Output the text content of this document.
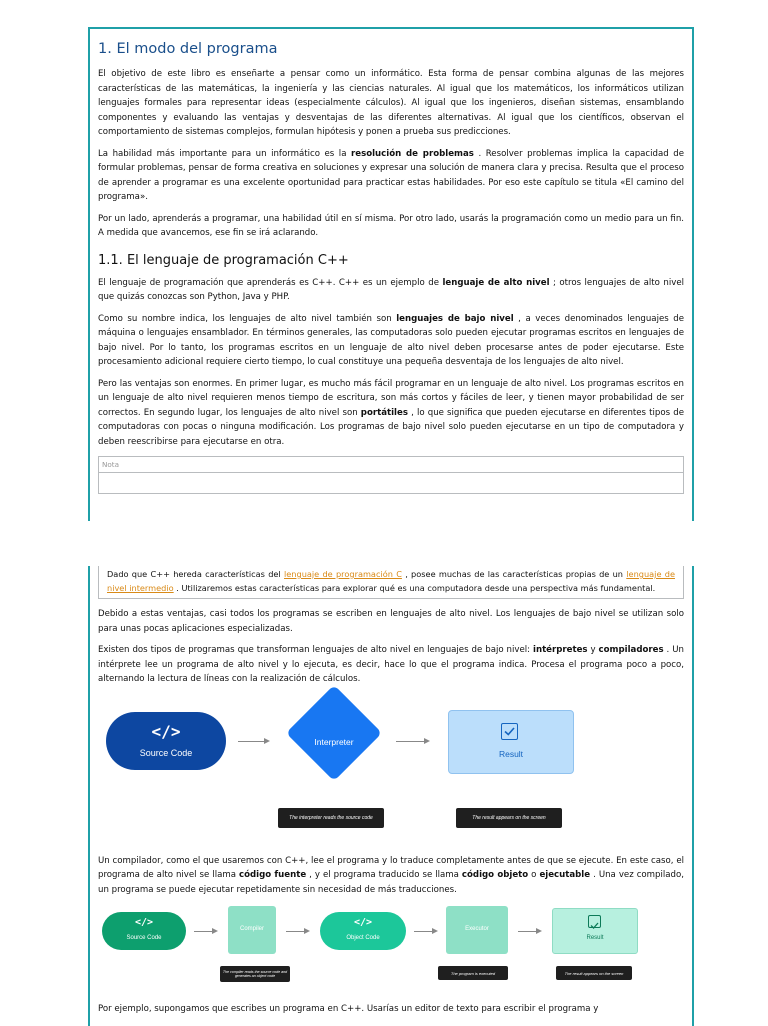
1. El modo del programa

El objetivo de este libro es enseñarte a pensar como un informático. Esta forma de pensar combina algunas de las mejores características de las matemáticas, la ingeniería y las ciencias naturales. Al igual que los matemáticos, los informáticos utilizan lenguajes formales para representar ideas (especialmente cálculos). Al igual que los ingenieros, diseñan sistemas, ensamblando componentes y evaluando las ventajas y desventajas de las diferentes alternativas. Al igual que los científicos, observan el comportamiento de sistemas complejos, formulan hipótesis y ponen a prueba sus predicciones.

La habilidad más importante para un informático es la resolución de problemas . Resolver problemas implica la capacidad de formular problemas, pensar de forma creativa en soluciones y expresar una solución de manera clara y precisa. Resulta que el proceso de aprender a programar es una excelente oportunidad para practicar estas habilidades. Por eso este capítulo se titula «El camino del programa».

Por un lado, aprenderás a programar, una habilidad útil en sí misma. Por otro lado, usarás la programación como un medio para un fin. A medida que avancemos, ese fin se irá aclarando.

1.1. El lenguaje de programación C++

El lenguaje de programación que aprenderás es C++. C++ es un ejemplo de lenguaje de alto nivel ; otros lenguajes de alto nivel que quizás conozcas son Python, Java y PHP.

Como su nombre indica, los lenguajes de alto nivel también son lenguajes de bajo nivel , a veces denominados lenguajes de máquina o lenguajes ensamblador. En términos generales, las computadoras solo pueden ejecutar programas escritos en lenguajes de bajo nivel. Por lo tanto, los programas escritos en un lenguaje de alto nivel deben procesarse antes de poder ejecutarse. Este procesamiento adicional requiere cierto tiempo, lo cual constituye una pequeña desventaja de los lenguajes de alto nivel.

Pero las ventajas son enormes. En primer lugar, es mucho más fácil programar en un lenguaje de alto nivel. Los programas escritos en un lenguaje de alto nivel requieren menos tiempo de escritura, son más cortos y fáciles de leer, y tienen mayor probabilidad de ser correctos. En segundo lugar, los lenguajes de alto nivel son portátiles , lo que significa que pueden ejecutarse en diferentes tipos de computadoras con pocas o ninguna modificación. Los programas de bajo nivel solo pueden ejecutarse en un tipo de computadora y deben reescribirse para ejecutarse en otra.

Nota

Dado que C++ hereda características del lenguaje de programación C , posee muchas de las características propias de un lenguaje de nivel intermedio . Utilizaremos estas características para explorar qué es una computadora desde una perspectiva más fundamental.

Debido a estas ventajas, casi todos los programas se escriben en lenguajes de alto nivel. Los lenguajes de bajo nivel se utilizan solo para unas pocas aplicaciones especializadas.

Existen dos tipos de programas que transforman lenguajes de alto nivel en lenguajes de bajo nivel: intérpretes y compiladores . Un intérprete lee un programa de alto nivel y lo ejecuta, es decir, hace lo que el programa indica. Procesa el programa poco a poco, alternando la lectura de líneas con la realización de cálculos.

</>
Source Code
Interpreter
Result
The interpreter reads the source code	The result appears on the screen

Un compilador, como el que usaremos con C++, lee el programa y lo traduce completamente antes de que se ejecute. En este caso, el programa de alto nivel se llama código fuente , y el programa traducido se llama código objeto o ejecutable . Una vez compilado, un programa se puede ejecutar repetidamente sin necesidad de más traducciones.

</>
Source Code
Compiler
</>
Object Code
Executor
Result
The compiler reads the source code and generates an object code
The program is executed	The result appears on the screen

Por ejemplo, supongamos que escribes un programa en C++. Usarías un editor de texto para escribir el programa y
